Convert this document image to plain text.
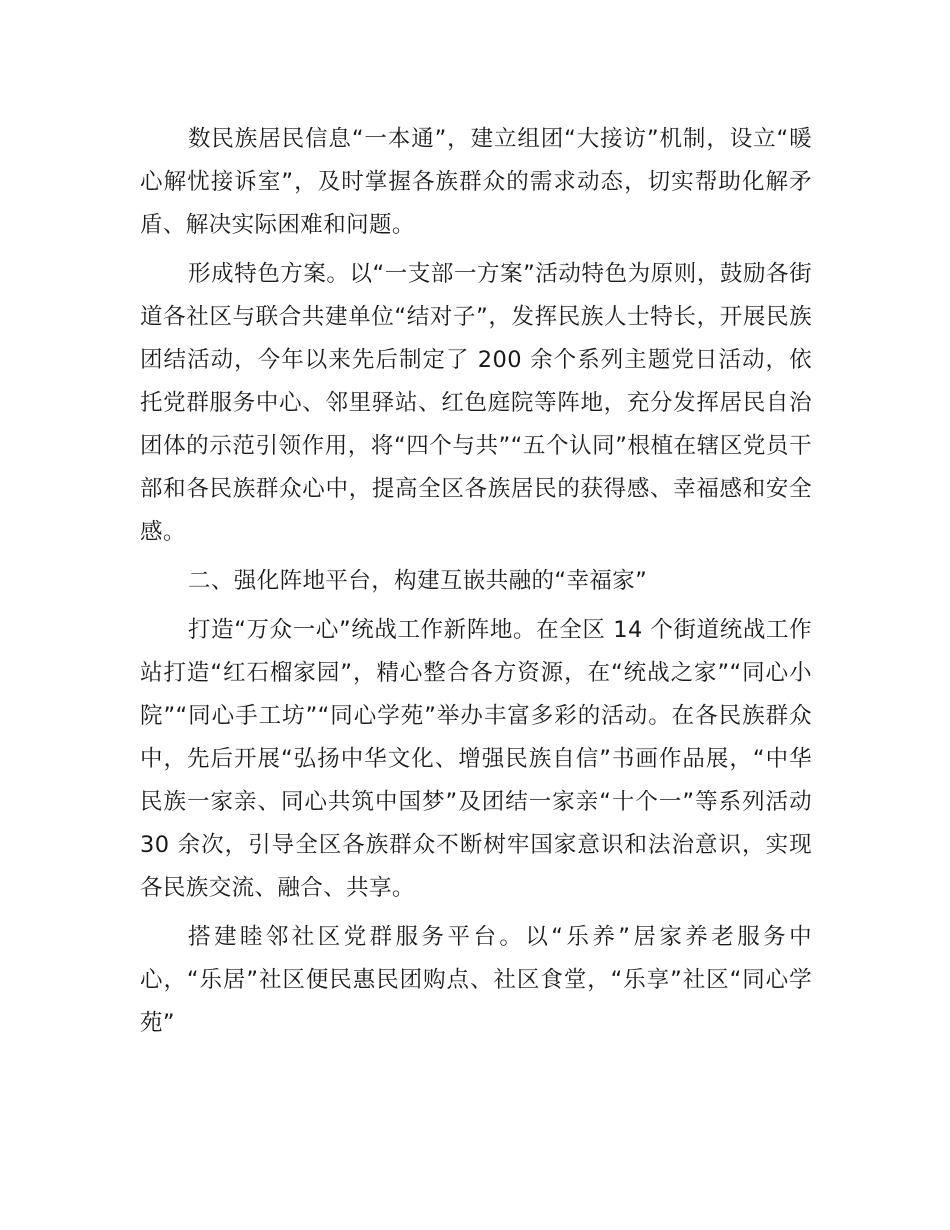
数民族居民信息“一本通”，建立组团“大接访”机制，设立“暖心解忧接诉室”，及时掌握各族群众的需求动态，切实帮助化解矛盾、解决实际困难和问题。

形成特色方案。以“一支部一方案”活动特色为原则，鼓励各街道各社区与联合共建单位“结对子”，发挥民族人士特长，开展民族团结活动，今年以来先后制定了 200 余个系列主题党日活动，依托党群服务中心、邻里驿站、红色庭院等阵地，充分发挥居民自治团体的示范引领作用，将“四个与共”“五个认同”根植在辖区党员干部和各民族群众心中，提高全区各族居民的获得感、幸福感和安全感。

二、强化阵地平台，构建互嵌共融的“幸福家”

打造“万众一心”统战工作新阵地。在全区 14 个街道统战工作站打造“红石榴家园”，精心整合各方资源，在“统战之家”“同心小院”“同心手工坊”“同心学苑”举办丰富多彩的活动。在各民族群众中，先后开展“弘扬中华文化、增强民族自信”书画作品展，“中华民族一家亲、同心共筑中国梦”及团结一家亲“十个一”等系列活动 30 余次，引导全区各族群众不断树牢国家意识和法治意识，实现各民族交流、融合、共享。

搭建睦邻社区党群服务平台。以“乐养”居家养老服务中心，“乐居”社区便民惠民团购点、社区食堂，“乐享”社区“同心学苑”
